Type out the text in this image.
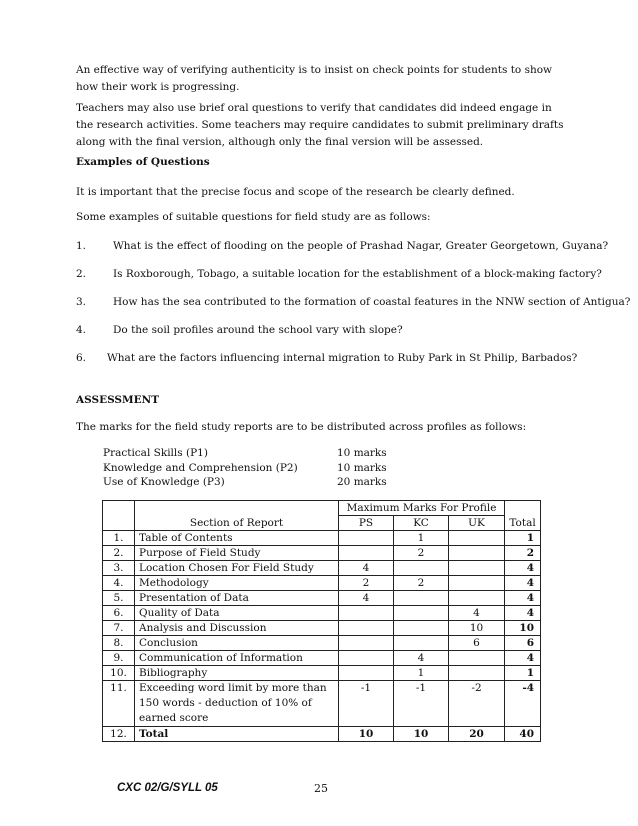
An effective way of verifying authenticity is to insist on check points for students to show how their work is progressing.

Teachers may also use brief oral questions to verify that candidates did indeed engage in the research activities. Some teachers may require candidates to submit preliminary drafts along with the final version, although only the final version will be assessed.

Examples of Questions

It is important that the precise focus and scope of the research be clearly defined.

Some examples of suitable questions for field study are as follows:

1.	What is the effect of flooding on the people of Prashad Nagar, Greater Georgetown, Guyana?
2.	Is Roxborough, Tobago, a suitable location for the establishment of a block-making factory?
3.	How has the sea contributed to the formation of coastal features in the NNW section of Antigua?
4.	Do the soil profiles around the school vary with slope?
6. What are the factors influencing internal migration to Ruby Park in St Philip, Barbados?

ASSESSMENT

The marks for the field study reports are to be distributed across profiles as follows:

Practical Skills (P1)	10 marks
Knowledge and Comprehension (P2)	10 marks
Use of Knowledge (P3)	20 marks
	Section of Report	Maximum Marks For Profile			Total
		PS	KC	UK	
1.	Table of Contents		1		1
2.	Purpose of Field Study		2		2
3.	Location Chosen For Field Study	4			4
4.	Methodology	2	2		4
5.	Presentation of Data	4			4
6.	Quality of Data			4	4
7.	Analysis and Discussion			10	10
8.	Conclusion			6	6
9.	Communication of Information		4		4
10.	Bibliography		1		1
11.	Exceeding word limit by more than 150 words - deduction of 10% of earned score	-1	-1	-2	-4
12.	Total	10	10	20	40
CXC 02/G/SYLL 05	25
